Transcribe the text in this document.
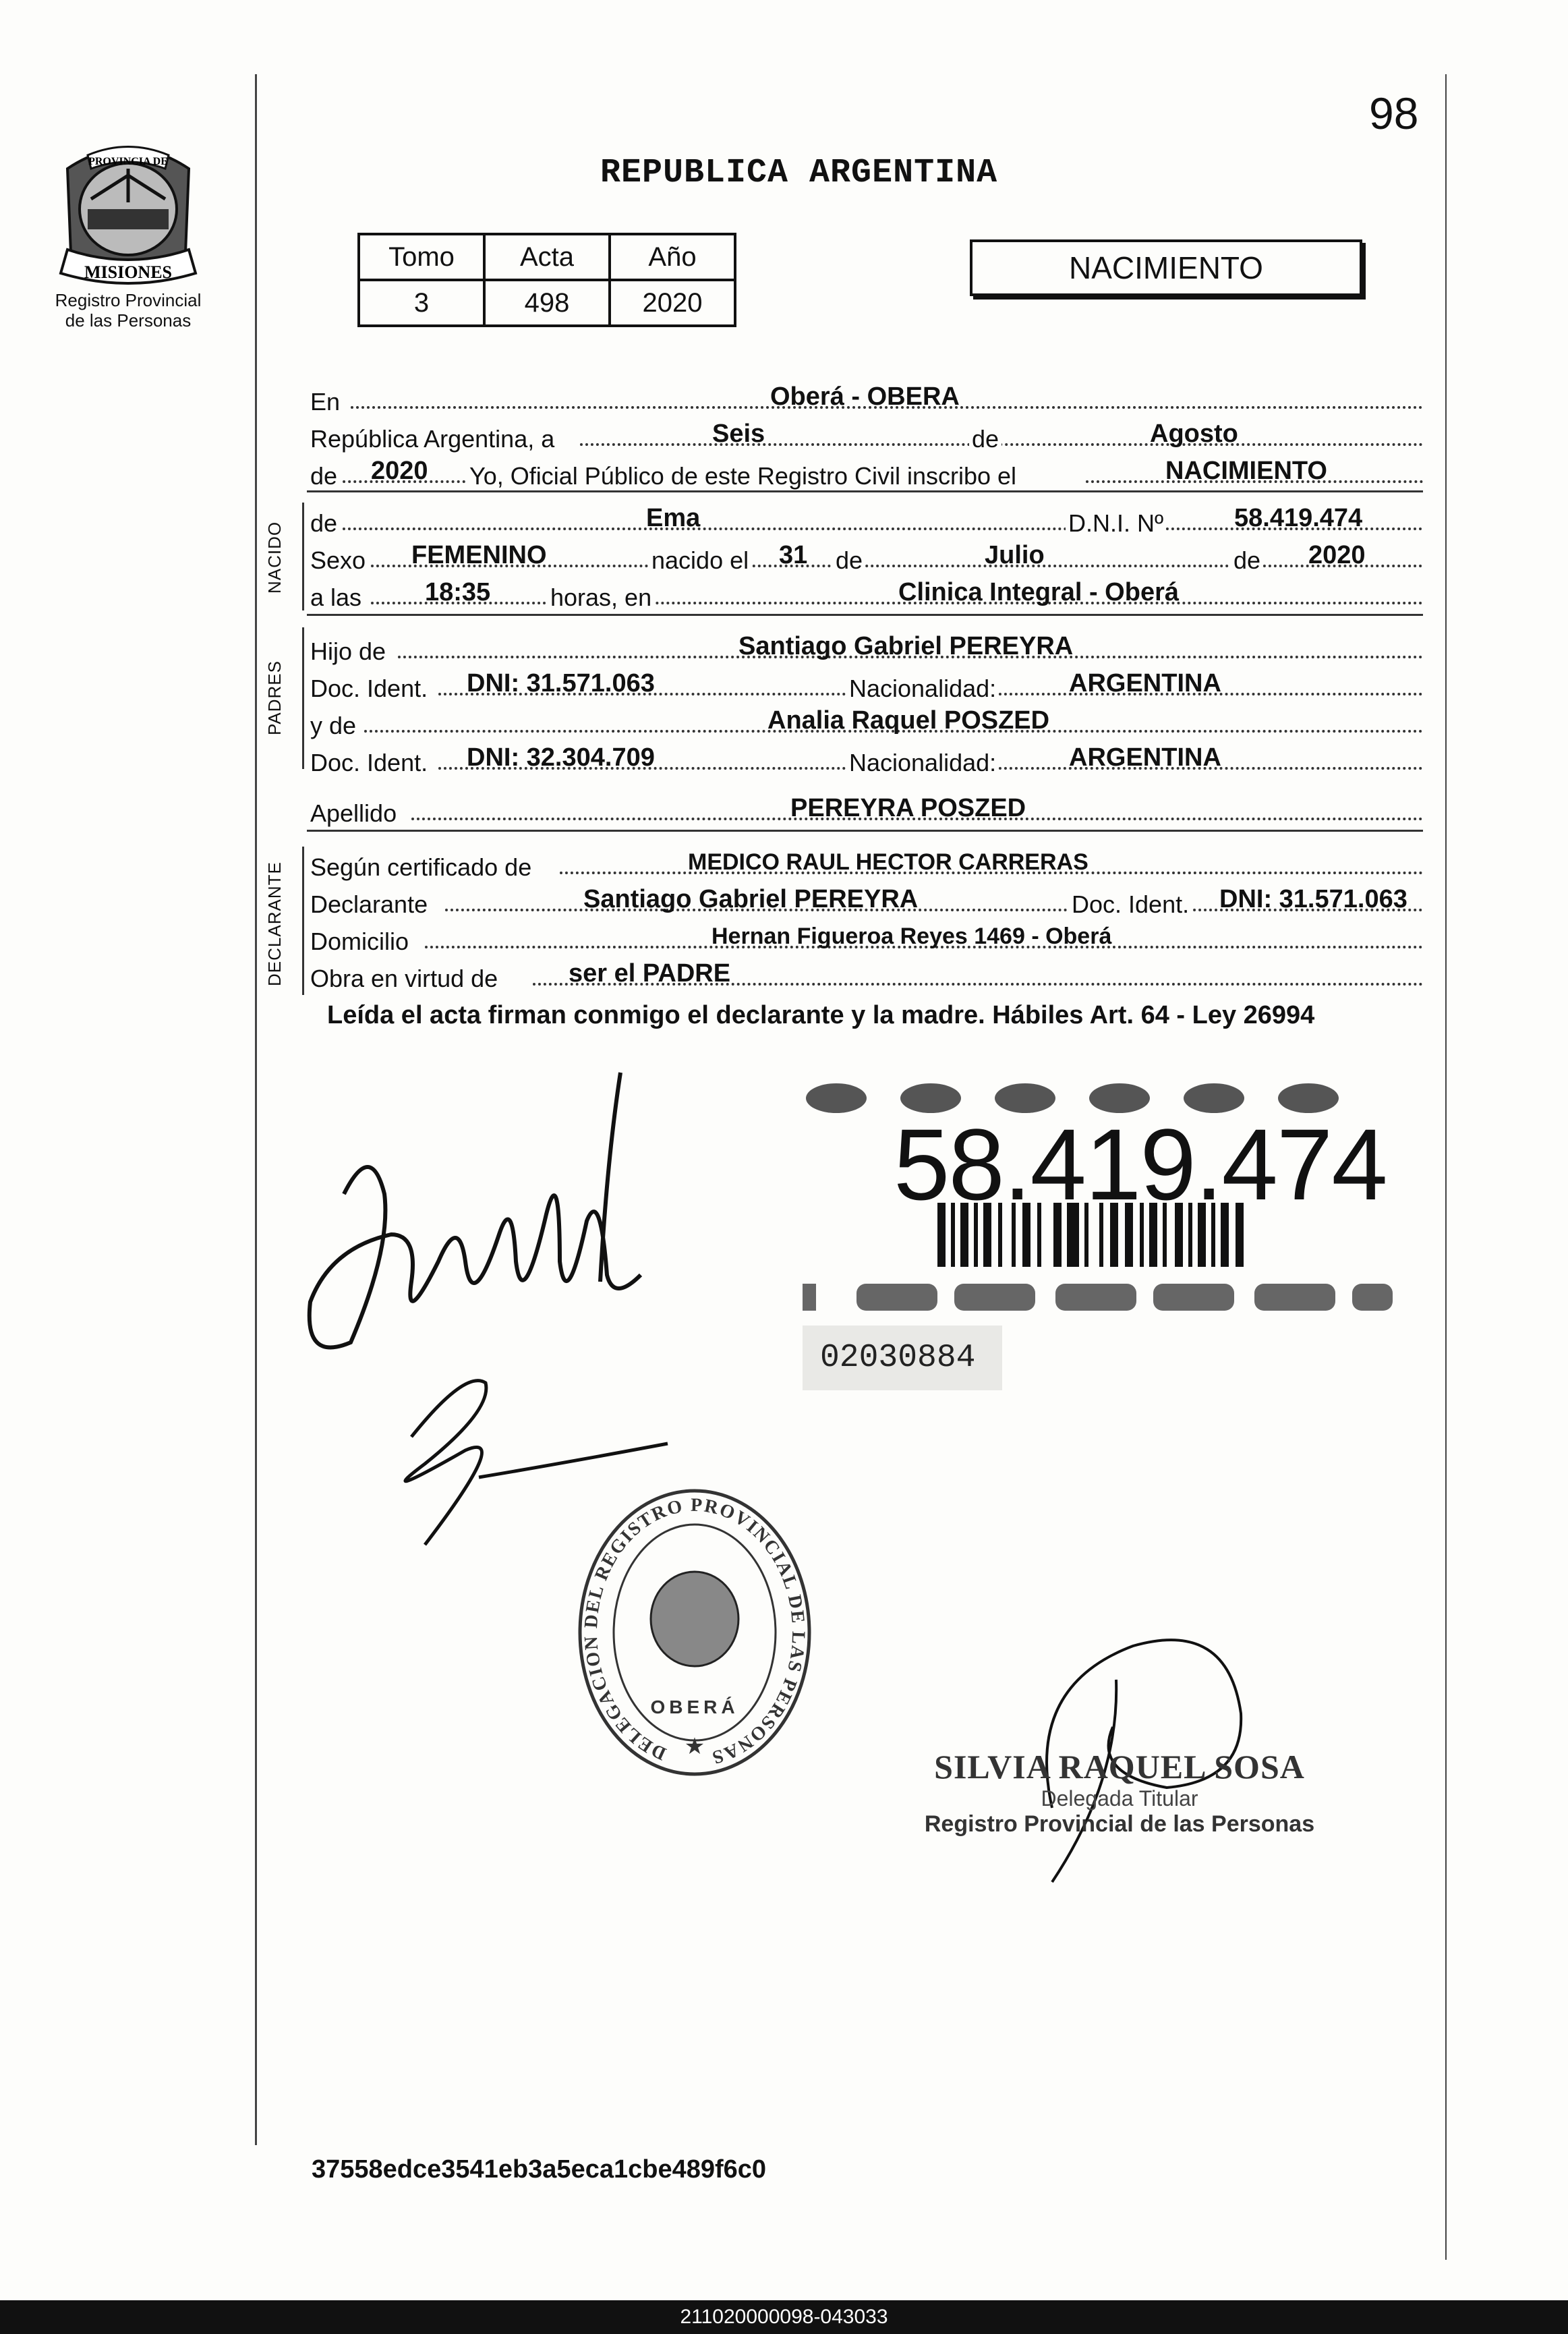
98
PROVINCIA DE
MISIONES
Registro Provincial
de las Personas
REPUBLICA ARGENTINA
Tomo	Acta	Año
3	498	2020
NACIMIENTO
En	Oberá - OBERA
República Argentina, a	Seis	de	Agosto
de 2020 Yo, Oficial Público de este Registro Civil inscribo el	NACIMIENTO
NACIDO de	Ema	D.N.I. Nº	58.419.474
Sexo FEMENINO	nacido el 31 de	Julio	de 2020
a las 18:35 horas, en	Clinica Integral - Oberá
PADRES
Hijo de	Santiago Gabriel PEREYRA
Doc. Ident. DNI: 31.571.063	Nacionalidad:	ARGENTINA
y de	Analia Raquel POSZED
Doc. Ident. DNI: 32.304.709	Nacionalidad:	ARGENTINA
Apellido	PEREYRA POSZED
DECLARANTE Según certificado de	MEDICO RAUL HECTOR CARRERAS
Declarante	Santiago Gabriel PEREYRA	Doc. Ident. DNI: 31.571.063
Domicilio	Hernan Figueroa Reyes 1469 - Oberá
Obra en virtud de	ser el PADRE
Leída el acta firman conmigo el declarante y la madre. Hábiles Art. 64 - Ley 26994
58.419.474
02030884
DELEGACION DEL REGISTRO PROVINCIAL DE LAS PERSONAS
OBERÁ
★
SILVIA RAQUEL SOSA
Delegada Titular
Registro Provincial de las Personas
37558edce3541eb3a5eca1cbe489f6c0
211020000098-043033
